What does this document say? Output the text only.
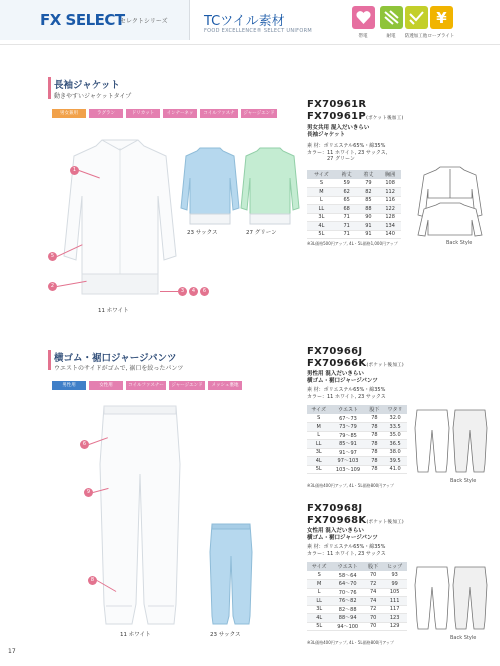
FX SELECT
セレクトシリーズ	TCツイル素材
FOOD EXCELLENCE® SELECT UNIFORM
帯電	耐電	防透加工他
¥
ローブライト
長袖ジャケット
動きやすいジャケットタイプ
男女兼用	ラグラン	ドリカット	インナーネット
コイルファスナー
ジャージエンド
11 ホワイト
23 サックス	27 グリーン
1
5
2
3	4	6
FX70961R
FX70961P(ポケット後加工)
男女共用 混入だいきらい
長袖ジャケット
素 材：ポリエステル65%・綿35%
カラー：11 ホワイト, 23 サックス,
27 グリーン
サイズ	裄丈	着丈	胸囲
S	59	79	108
M	62	82	112
L	65	85	116
LL	68	88	122
3L	71	90	128
4L	71	91	134
5L	71	91	140
※3L価格500円アップ, 4L・5L価格1,000円アップ	Back Style
横ゴム・裾口ジャージパンツ
ウエストのサイドがゴムで, 裾口を絞ったパンツ
男性用	女性用	コイルファスナー	ジャージエンド	メッシュ裏地
11 ホワイト	23 サックス
6
9
8
FX70966J
FX70966K(ポケット後加工)
男性用 混入だいきらい
横ゴム・裾口ジャージパンツ
素 材：ポリエステル65%・綿35%
カラー：11 ホワイト, 23 サックス
サイズ	ウエスト	股下	ワタリ
S	67～73	78	32.0
M	73～79	78	33.5
L	79～85	78	35.0
LL	85～91	78	36.5
3L	91～97	78	38.0
4L	97～103	78	39.5
5L	103～109	78	41.0
※3L価格400円アップ, 4L・5L価格800円アップ
Back Style
FX70968J
FX70968K(ポケット後加工)
女性用 混入だいきらい
横ゴム・裾口ジャージパンツ
素 材：ポリエステル65%・綿35%
カラー：11 ホワイト, 23 サックス
サイズ	ウエスト	股下	ヒップ
S	58～64	70	93
M	64～70	72	99
L	70～76	74	105
LL	76～82	74	111
3L	82～88	72	117
4L	88～94	70	123
5L	94～100	70	129
※3L価格400円アップ, 4L・5L価格800円アップ
Back Style
17
